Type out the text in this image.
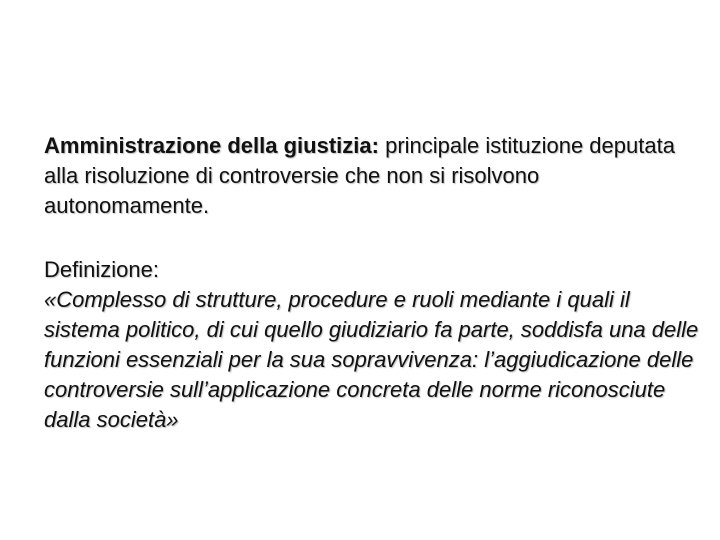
Amministrazione della giustizia: principale istituzione deputata alla risoluzione di controversie che non si risolvono autonomamente.

Definizione:
«Complesso di strutture, procedure e ruoli mediante i quali il sistema politico, di cui quello giudiziario fa parte, soddisfa una delle funzioni essenziali per la sua sopravvivenza: l’aggiudicazione delle controversie sull’applicazione concreta delle norme riconosciute dalla società»
